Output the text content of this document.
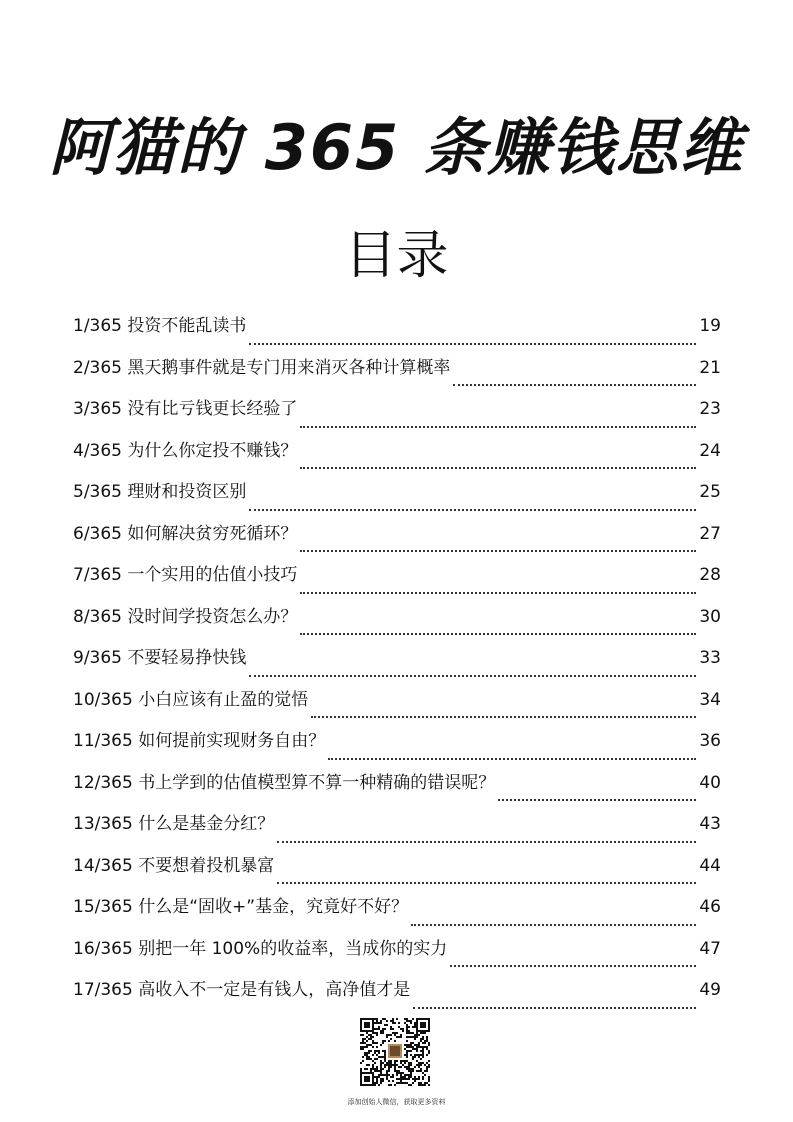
阿猫的 365 条赚钱思维
目录
1/365 投资不能乱读书	19
2/365 黑天鹅事件就是专门用来消灭各种计算概率	21
3/365 没有比亏钱更长经验了	23
4/365 为什么你定投不赚钱？	24
5/365 理财和投资区别	25
6/365 如何解决贫穷死循环？	27
7/365 一个实用的估值小技巧	28
8/365 没时间学投资怎么办？	30
9/365 不要轻易挣快钱	33
10/365 小白应该有止盈的觉悟	34
11/365 如何提前实现财务自由？	36
12/365 书上学到的估值模型算不算一种精确的错误呢？	40
13/365 什么是基金分红？	43
14/365 不要想着投机暴富	44
15/365 什么是“固收+”基金，究竟好不好？	46
16/365 别把一年 100%的收益率，当成你的实力	47
17/365 高收入不一定是有钱人，高净值才是	49
添加创始人微信，获取更多资料
